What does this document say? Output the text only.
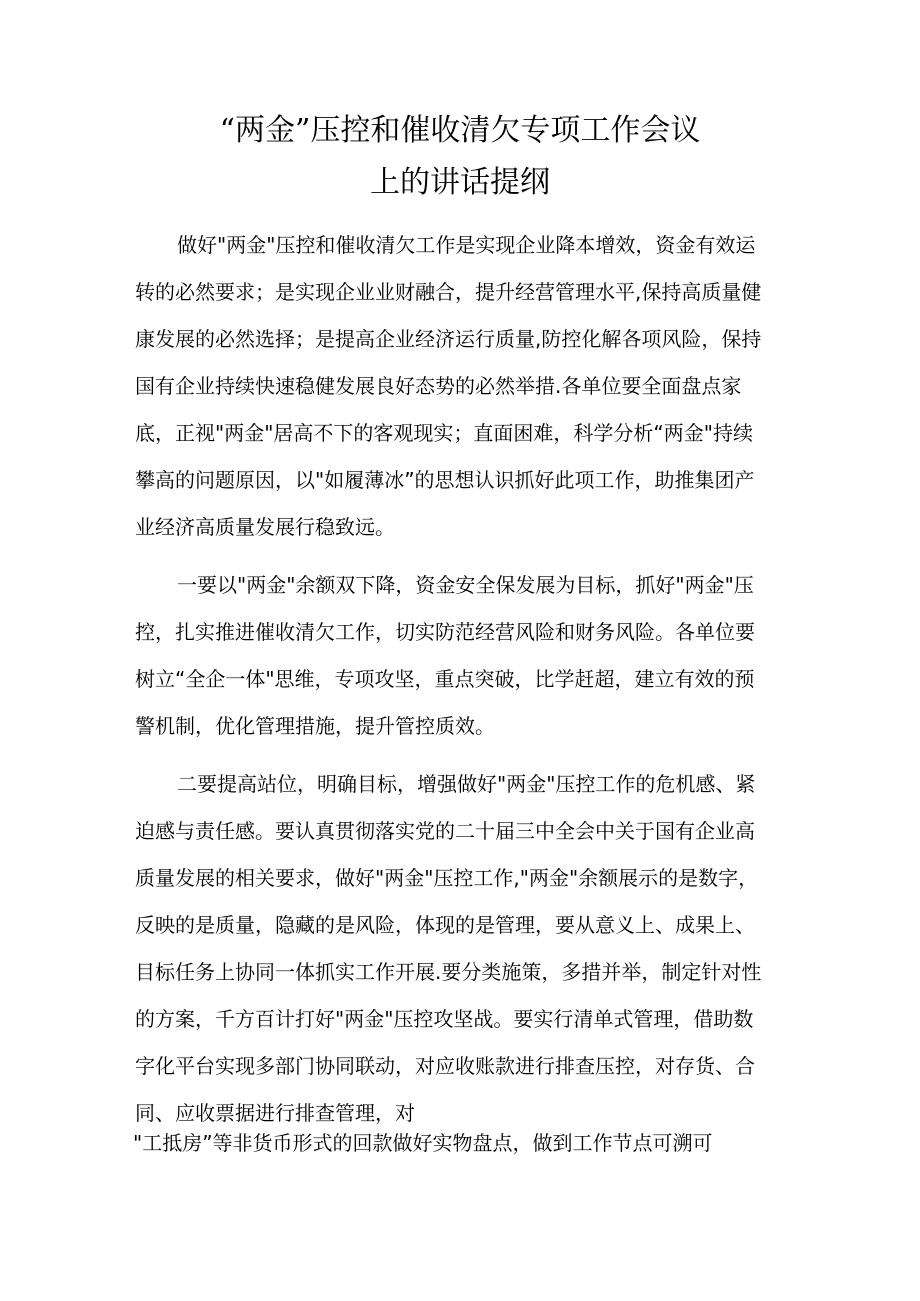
“两金”压控和催收清欠专项工作会议
上的讲话提纲
做好"两金"压控和催收清欠工作是实现企业降本增效，资金有效运
转的必然要求；是实现企业业财融合，提升经营管理水平,保持高质量健
康发展的必然选择；是提高企业经济运行质量,防控化解各项风险，保持
国有企业持续快速稳健发展良好态势的必然举措.各单位要全面盘点家
底，正视"两金"居高不下的客观现实；直面困难，科学分析“两金"持续
攀高的问题原因，以"如履薄冰”的思想认识抓好此项工作，助推集团产
业经济高质量发展行稳致远。
一要以"两金"余额双下降，资金安全保发展为目标，抓好"两金"压
控，扎实推进催收清欠工作，切实防范经营风险和财务风险。各单位要
树立“全企一体"思维，专项攻坚，重点突破，比学赶超，建立有效的预
警机制，优化管理措施，提升管控质效。
二要提高站位，明确目标，增强做好"两金"压控工作的危机感、紧
迫感与责任感。要认真贯彻落实党的二十届三中全会中关于国有企业高
质量发展的相关要求，做好"两金"压控工作,"两金"余额展示的是数字，
反映的是质量，隐藏的是风险，体现的是管理，要从意义上、成果上、
目标任务上协同一体抓实工作开展.要分类施策，多措并举，制定针对性
的方案，千方百计打好"两金"压控攻坚战。要实行清单式管理，借助数
字化平台实现多部门协同联动，对应收账款进行排查压控，对存货、合
同、应收票据进行排查管理，对
"工抵房”等非货币形式的回款做好实物盘点，做到工作节点可溯可
